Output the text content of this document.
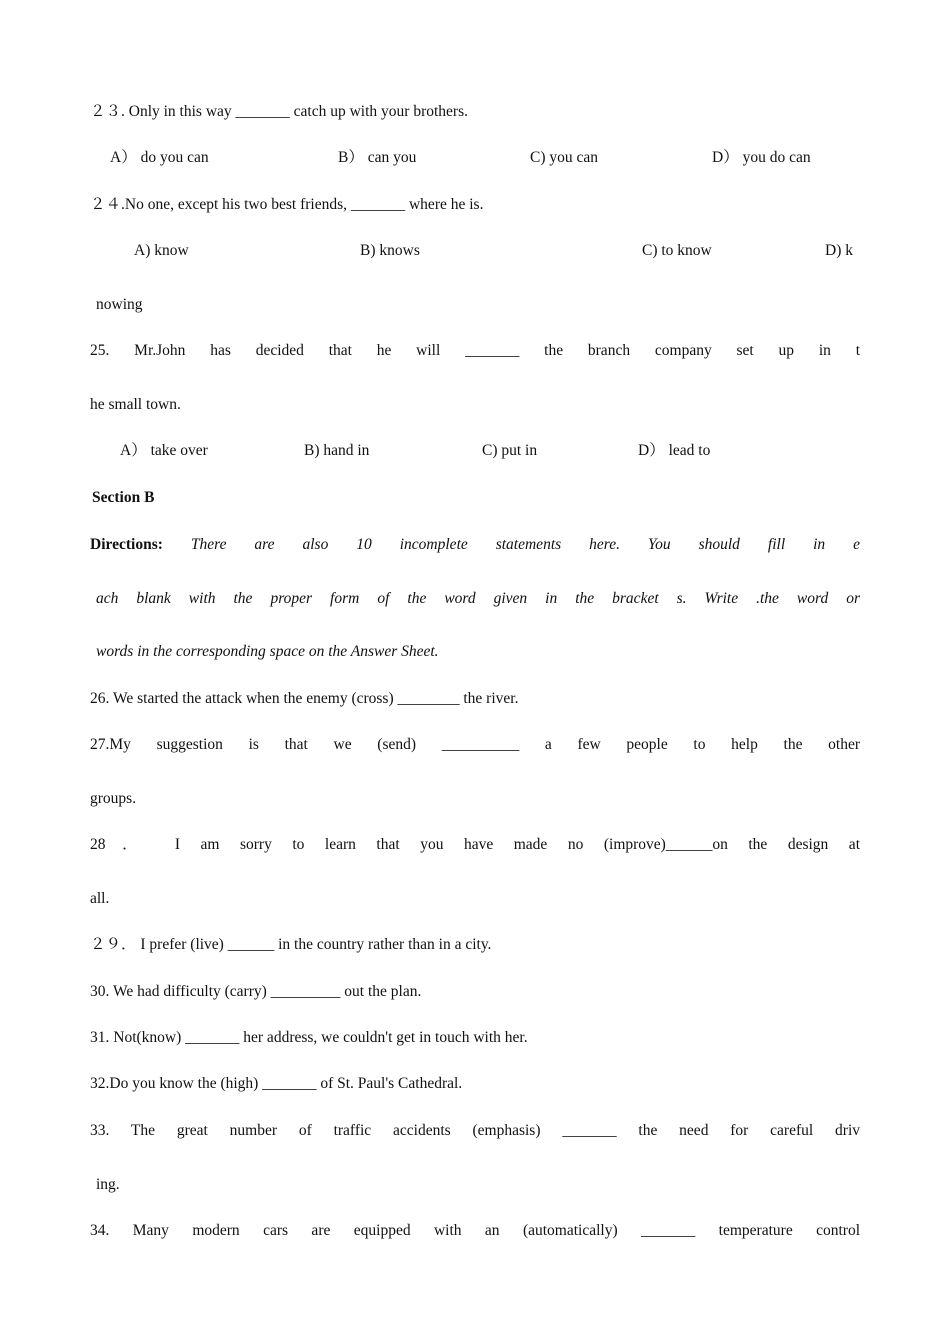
２３. Only in this way _______ catch up with your brothers.
A） do you can	B） can you	C) you can	D） you do can
２４.No one, except his two best friends, _______ where he is.
A) know	B) knows	C) to know	D) k
nowing
25. Mr.John has decided that he will _______ the branch company set up in t
he small town.
A） take over	B) hand in	C) put in	D） lead to
Section B
Directions: There are also 10 incomplete statements here. You should fill in e
ach blank with the proper form of the word given in the bracket s. Write .the word or
words in the corresponding space on the Answer Sheet.
26. We started the attack when the enemy (cross) ________ the river.
27.My suggestion is that we (send) __________ a few people to help the other
groups.
28． I am sorry to learn that you have made no (improve)______on the design at
all.
２９． I prefer (live) ______ in the country rather than in a city.
30. We had difficulty (carry) _________ out the plan.
31. Not(know) _______ her address, we couldn't get in touch with her.
32.Do you know the (high) _______ of St. Paul's Cathedral.
33. The great number of traffic accidents (emphasis) _______ the need for careful driv
ing.
34. Many modern cars are equipped with an (automatically) _______ temperature control
